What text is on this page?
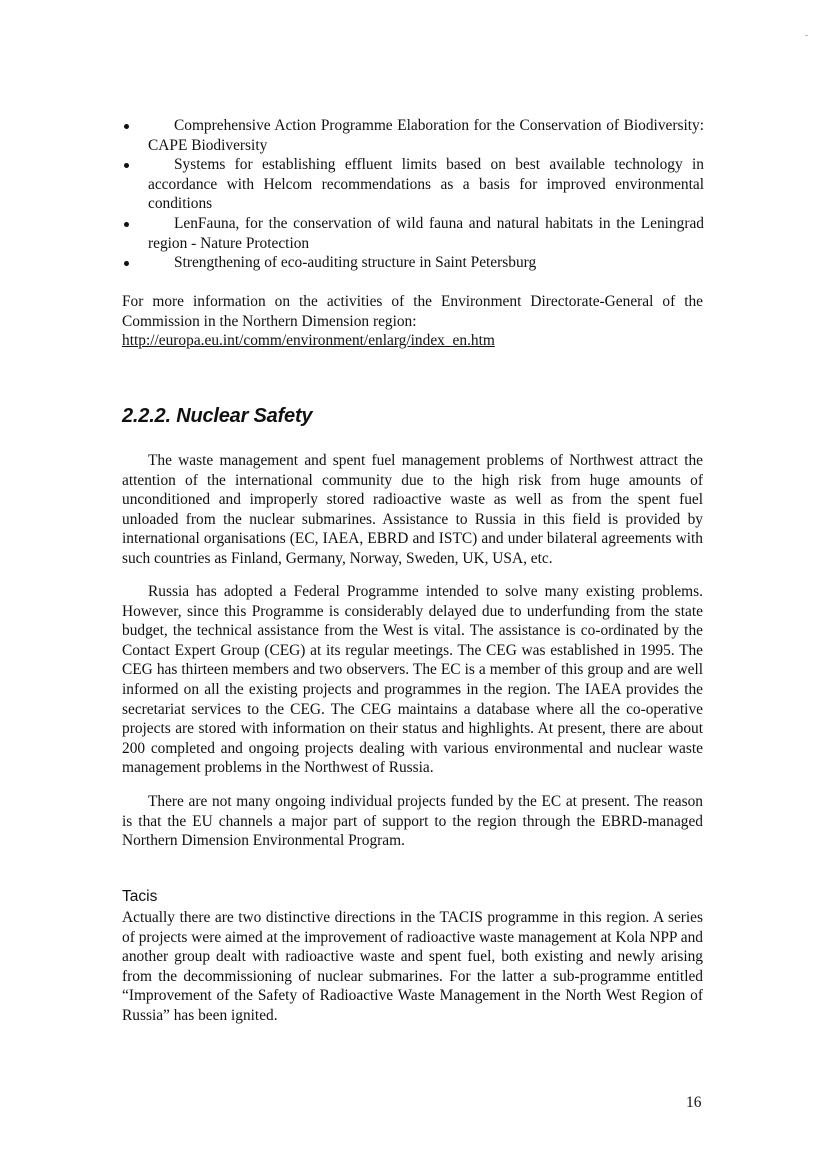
Comprehensive Action Programme Elaboration for the Conservation of Biodiversity: CAPE Biodiversity
Systems for establishing effluent limits based on best available technology in accordance with Helcom recommendations as a basis for improved environmental conditions
LenFauna, for the conservation of wild fauna and natural habitats in the Leningrad region - Nature Protection
Strengthening of eco-auditing structure in Saint Petersburg

For more information on the activities of the Environment Directorate-General of the Commission in the Northern Dimension region:
http://europa.eu.int/comm/environment/enlarg/index_en.htm

2.2.2. Nuclear Safety

The waste management and spent fuel management problems of Northwest attract the attention of the international community due to the high risk from huge amounts of unconditioned and improperly stored radioactive waste as well as from the spent fuel unloaded from the nuclear submarines. Assistance to Russia in this field is provided by international organisations (EC, IAEA, EBRD and ISTC) and under bilateral agreements with such countries as Finland, Germany, Norway, Sweden, UK, USA, etc.

Russia has adopted a Federal Programme intended to solve many existing problems. However, since this Programme is considerably delayed due to underfunding from the state budget, the technical assistance from the West is vital. The assistance is co-ordinated by the Contact Expert Group (CEG) at its regular meetings. The CEG was established in 1995. The CEG has thirteen members and two observers. The EC is a member of this group and are well informed on all the existing projects and programmes in the region. The IAEA provides the secretariat services to the CEG. The CEG maintains a database where all the co-operative projects are stored with information on their status and highlights. At present, there are about 200 completed and ongoing projects dealing with various environmental and nuclear waste management problems in the Northwest of Russia.

There are not many ongoing individual projects funded by the EC at present. The reason is that the EU channels a major part of support to the region through the EBRD-managed Northern Dimension Environmental Program.

Tacis

Actually there are two distinctive directions in the TACIS programme in this region. A series of projects were aimed at the improvement of radioactive waste management at Kola NPP and another group dealt with radioactive waste and spent fuel, both existing and newly arising from the decommissioning of nuclear submarines. For the latter a sub-programme entitled “Improvement of the Safety of Radioactive Waste Management in the North West Region of Russia” has been ignited.

16
